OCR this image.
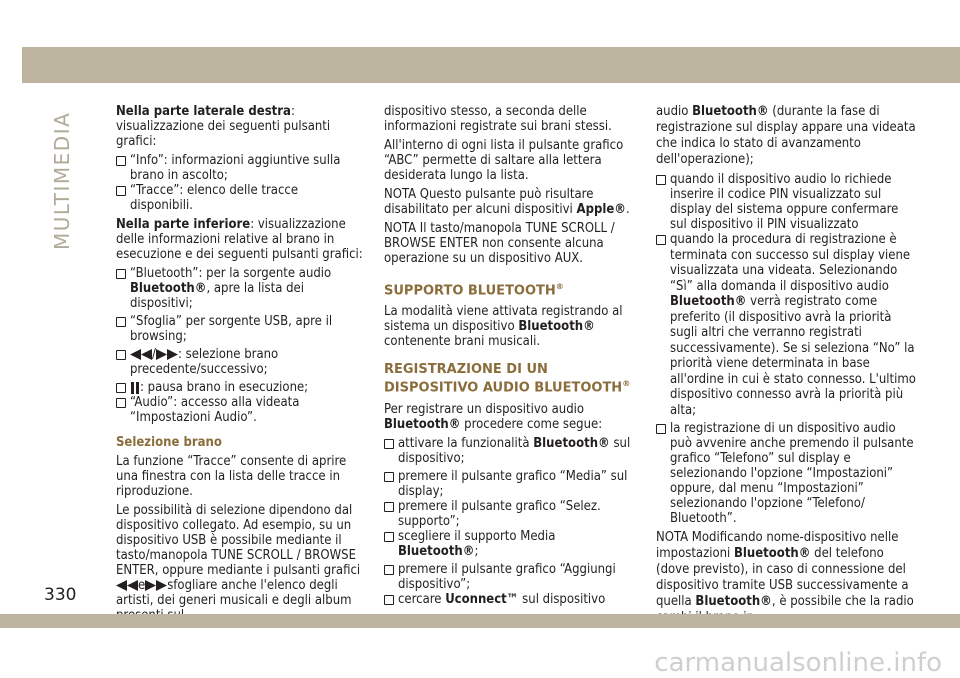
MULTIMEDIA

Nella parte laterale destra: visualizzazione dei seguenti pulsanti grafici:

“Info”: informazioni aggiuntive sulla brano in ascolto;
“Tracce”: elenco delle tracce disponibili.

Nella parte inferiore: visualizzazione delle informazioni relative al brano in esecuzione e dei seguenti pulsanti grafici:

“Bluetooth”: per la sorgente audio Bluetooth®, apre la lista dei dispositivi;
“Sfoglia” per sorgente USB, apre il browsing;
/ : selezione brano precedente/successivo;
: pausa brano in esecuzione;
“Audio”: accesso alla videata “Impostazioni Audio”.

Selezione brano

La funzione “Tracce” consente di aprire una finestra con la lista delle tracce in riproduzione.

Le possibilità di selezione dipendono dal dispositivo collegato. Ad esempio, su un dispositivo USB è possibile mediante il tasto/manopola TUNE SCROLL / BROWSE ENTER, oppure mediante i pulsanti graficie sfogliare anche l'elenco degli artisti, dei generi musicali e degli album

dispositivo stesso, a seconda delle informazioni registrate sui brani stessi.

All'interno di ogni lista il pulsante grafico “ABC” permette di saltare alla lettera desiderata lungo la lista.

NOTA Questo pulsante può risultare disabilitato per alcuni dispositivi Apple®.

NOTA Il tasto/manopola TUNE SCROLL / BROWSE ENTER non consente alcuna operazione su un dispositivo AUX.

SUPPORTO BLUETOOTH®

La modalità viene attivata registrando al sistema un dispositivo Bluetooth® contenente brani musicali.

REGISTRAZIONE DI UN DISPOSITIVO AUDIO BLUETOOTH®

Per registrare un dispositivo audio Bluetooth® procedere come segue:

attivare la funzionalità Bluetooth® sul dispositivo;
premere il pulsante grafico “Media” sul display;
premere il pulsante grafico “Selez. supporto”;
scegliere il supporto Media Bluetooth®;
premere il pulsante grafico “Aggiungi dispositivo”;
cercare Uconnect™ sul dispositivo

audio Bluetooth® (durante la fase di registrazione sul display appare una videata che indica lo stato di avanzamento dell'operazione);

quando il dispositivo audio lo richiede inserire il codice PIN visualizzato sul display del sistema oppure confermare sul dispositivo il PIN visualizzato
quando la procedura di registrazione è terminata con successo sul display viene visualizzata una videata. Selezionando “Sì” alla domanda il dispositivo audio Bluetooth® verrà registrato come preferito (il dispositivo avrà la priorità sugli altri che verranno registrati successivamente). Se si seleziona “No” la priorità viene determinata in base all'ordine in cui è stato connesso. L'ultimo dispositivo connesso avrà la priorità più alta;
la registrazione di un dispositivo audio può avvenire anche premendo il pulsante grafico “Telefono” sul display e selezionando l'opzione “Impostazioni” oppure, dal menu “Impostazioni” selezionando l'opzione “Telefono/ Bluetooth”.

NOTA Modificando nome-dispositivo nelle impostazioni Bluetooth® del telefono (dove previsto), in caso di connessione del dispositivo tramite USB successivamente a quella Bluetooth®, è possibile che la radio

330
carmanualsonline.info
